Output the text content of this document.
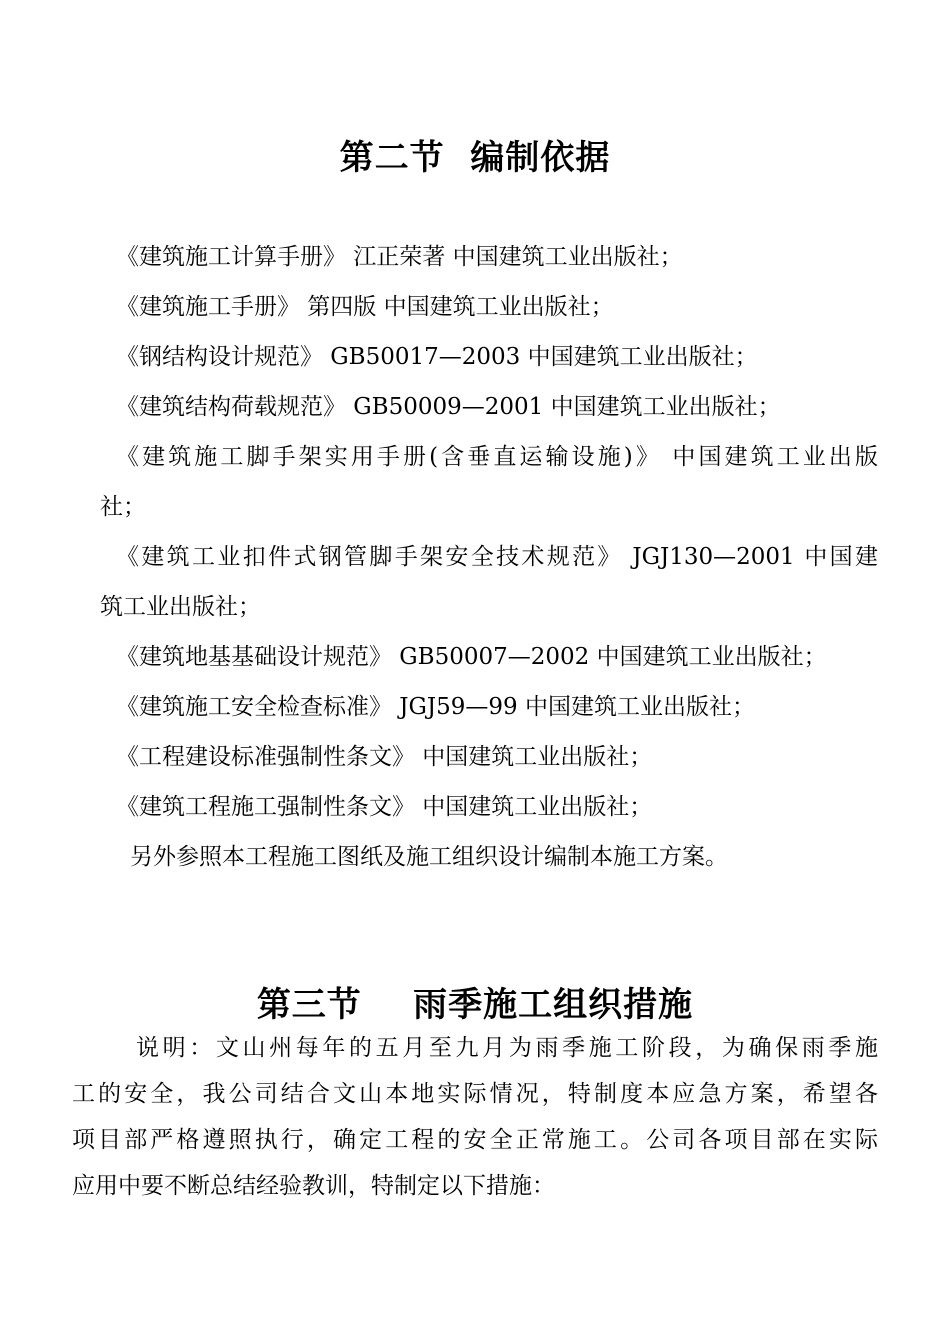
第二节  编制依据
《建筑施工计算手册》 江正荣著 中国建筑工业出版社；
《建筑施工手册》 第四版 中国建筑工业出版社；
《钢结构设计规范》 GB50017—2003 中国建筑工业出版社；
《建筑结构荷载规范》 GB50009—2001 中国建筑工业出版社；
《建筑施工脚手架实用手册(含垂直运输设施)》 中国建筑工业出版
社；
《建筑工业扣件式钢管脚手架安全技术规范》 JGJ130—2001 中国建
筑工业出版社；
《建筑地基基础设计规范》 GB50007—2002 中国建筑工业出版社；
《建筑施工安全检查标准》 JGJ59—99 中国建筑工业出版社；
《工程建设标准强制性条文》 中国建筑工业出版社；
《建筑工程施工强制性条文》 中国建筑工业出版社；
另外参照本工程施工图纸及施工组织设计编制本施工方案。
第三节    雨季施工组织措施
说明：文山州每年的五月至九月为雨季施工阶段，为确保雨季施
工的安全，我公司结合文山本地实际情况，特制度本应急方案，希望各
项目部严格遵照执行，确定工程的安全正常施工。公司各项目部在实际
应用中要不断总结经验教训，特制定以下措施：
